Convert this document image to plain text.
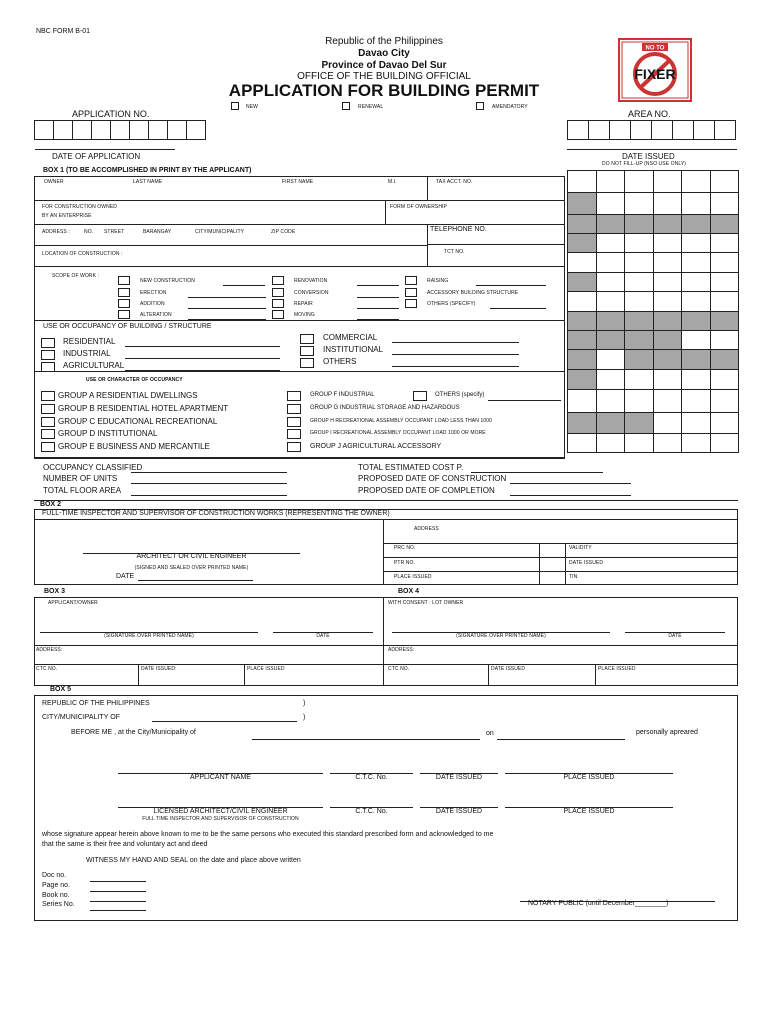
NBC FORM B-01
Republic of the Philippines
Davao City
Province of Davao Del Sur
OFFICE OF THE BUILDING OFFICIAL
APPLICATION FOR BUILDING PERMIT
NO TO
FIXER
APPLICATION NO.
NEW	RENEWAL	AMENDATORY
AREA NO.
DATE OF APPLICATION	DATE ISSUED
DO NOT FILL-UP (NSO USE ONLY)
BOX 1 (TO BE ACCOMPLISHED IN PRINT BY THE APPLICANT)
OWNER	LAST NAME	FIRST NAME	M.I.	TAX ACCT. NO.
FOR CONSTRUCTION OWNED
BY AN ENTERPRISE
FORM OF OWNERSHIP
ADDRESS :	NO. STREET	BARANGAY	CITY/MUNICIPALITY	ZIP CODE	TELEPHONE NO.
LOCATION OF CONSTRUCTION :	TCT NO.
SCOPE OF WORK :
USE OR OCCUPANCY OF BUILDING / STRUCTURE
USE OR CHARACTER OF OCCUPANCY
BOX 2
FULL-TIME INSPECTOR AND SUPERVISOR OF CONSTRUCTION WORKS (REPRESENTING THE OWNER)
ARCHITECT OR CIVIL ENGINEER
(SIGNED AND SEALED OVER PRINTED NAME)
DATE
ADDRESS
PRC NO.	VALIDITY
PTR NO.	DATE ISSUED
PLACE ISSUED	TIN
BOX 3	BOX 4
APPLICANT/OWNER	WITH CONSENT : LOT OWNER
(SIGNATURE OVER PRINTED NAME)	DATE	(SIGNATURE OVER PRINTED NAME)	DATE
ADDRESS:	ADDRESS:
CTC NO.	DATE ISSUED:	PLACE ISSUED	CTC NO.	DATE ISSUED	PLACE ISSUED
BOX 5
REPUBLIC OF THE PHILIPPINES	)
CITY/MUNICIPALITY OF	)
BEFORE ME , at the City/Municipality of	on	personally apreared
FULL TIME INSPECTOR AND SUPERVISOR OF CONSTRUCTION
whose signature appear herein above known to me to be the same persons who executed this standard prescribed form and acknowledged to me
that the same is their free and voluntary act and deed
WITNESS MY HAND AND SEAL on the date and place above written
NOTARY PUBLIC (until December________)
NEW CONSTRUCTION
ERECTION
ADDITION
ALTERATION
RENOVATION
CONVERSION
REPAIR
MOVING
RAISING
ACCESSORY BUILDING STRUCTURE
OTHERS (SPECIFY)
RESIDENTIAL
INDUSTRIAL
AGRICULTURAL
COMMERCIAL
INSTITUTIONAL
OTHERS
GROUP A RESIDENTIAL DWELLINGS
GROUP B RESIDENTIAL HOTEL APARTMENT
GROUP C EDUCATIONAL RECREATIONAL
GROUP D INSTITUTIONAL
GROUP E BUSINESS AND MERCANTILE
GROUP F INDUSTRIAL
GROUP G INDUSTRIAL STORAGE AND HAZARDOUS
GROUP H RECREATIONAL ASSEMBLY OCCUPANT LOAD LESS THAN 1000
GROUP I RECREATIONAL ASSEMBLY OCCUPANT LOAD 1000 OR MORE
GROUP J AGRICULTURAL ACCESSORY
OTHERS (specify)
OCCUPANCY CLASSIFIED
NUMBER OF UNITS
TOTAL FLOOR AREA
TOTAL ESTIMATED COST P.
PROPOSED DATE OF CONSTRUCTION
PROPOSED DATE OF COMPLETION
APPLICANT NAME	C.T.C. No.	DATE ISSUED	PLACE ISSUED
LICENSED ARCHITECT/CIVIL ENGINEER	C.T.C. No.	DATE ISSUED	PLACE ISSUED
Doc no.
Page no.
Book no.
Series No.
